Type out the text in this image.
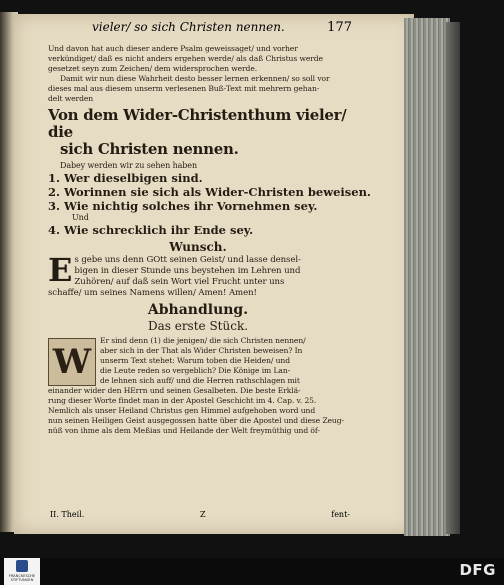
vieler/ so sich Christen nennen.	177
Und davon hat auch dieser andere Psalm geweissaget/ und vorher
verkündiget/ daß es nicht anders ergehen werde/ als daß Christus werde
gesetzet seyn zum Zeichen/ dem widersprochen werde.
Damit wir nun diese Wahrheit desto besser lernen erkennen/ so soll vor
dieses mal aus diesem unserm verlesenen Buß-Text mit mehrern gehan-
delt werden
Von dem Wider-Christenthum vieler/ die
sich Christen nennen.
Dabey werden wir zu sehen haben
1. Wer dieselbigen sind.
2. Worinnen sie sich als Wider-Christen beweisen.
3. Wie nichtig solches ihr Vornehmen sey.
Und
4. Wie schrecklich ihr Ende sey.
Wunsch.
E s gebe uns denn GOtt seinen Geist/ und lasse densel-
bigen in dieser Stunde uns beystehen im Lehren und
Zuhören/ auf daß sein Wort viel Frucht unter uns
schaffe/ um seines Namens willen/ Amen! Amen!
Abhandlung.
Das erste Stück.
W
Er sind denn (1) die jenigen/ die sich Christen nennen/
aber sich in der That als Wider Christen beweisen? In
unserm Text stehet: Warum toben die Heiden/ und
die Leute reden so vergeblich? Die Könige im Lan-
de lehnen sich auff/ und die Herren rathschlagen mit
einander wider den HErrn und seinen Gesalbeten. Die beste Erklä-
rung dieser Worte findet man in der Apostel Geschicht im 4. Cap. v. 25.
Nemlich als unser Heiland Christus gen Himmel aufgehoben word und
nun seinen Heiligen Geist ausgegossen hatte über die Apostel und diese Zeug-
nüß von ihme als dem Meßias und Heilande der Welt freymüthig und öf-
II. Theil.	Z	fent-
FRANCKESCHE STIFTUNGEN
DFG
